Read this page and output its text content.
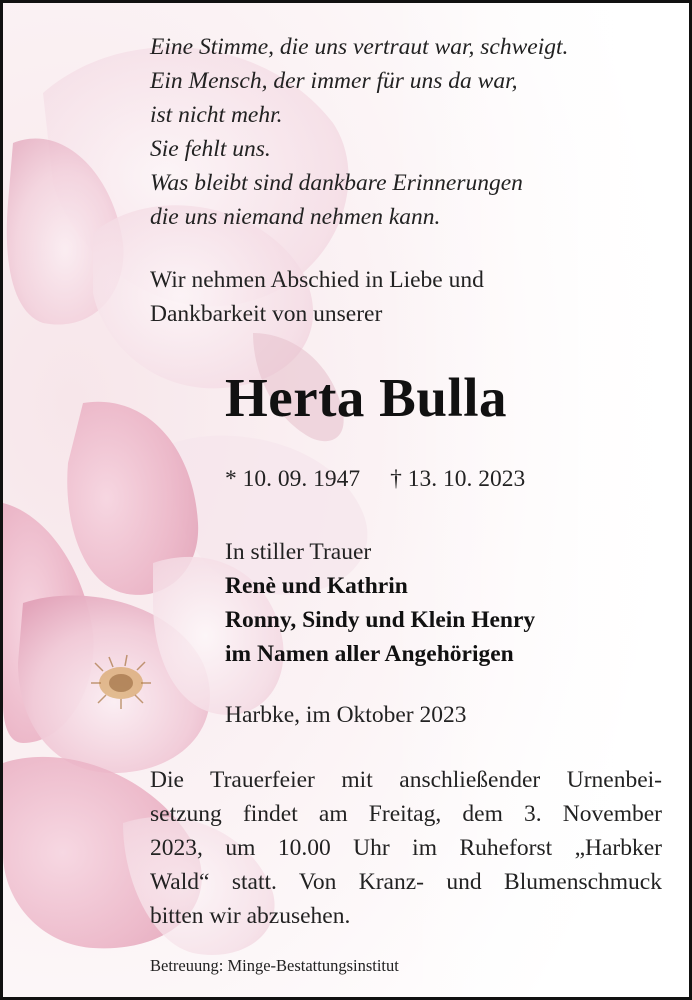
Eine Stimme, die uns vertraut war, schweigt.
Ein Mensch, der immer für uns da war,
ist nicht mehr.
Sie fehlt uns.
Was bleibt sind dankbare Erinnerungen
die uns niemand nehmen kann.
Wir nehmen Abschied in Liebe und
Dankbarkeit von unserer
Herta Bulla
* 10. 09. 1947 † 13. 10. 2023
In stiller Trauer
Renè und Kathrin
Ronny, Sindy und Klein Henry
im Namen aller Angehörigen
Harbke, im Oktober 2023
Die Trauerfeier mit anschließender Urnenbei-
setzung findet am Freitag, dem 3. November
2023, um 10.00 Uhr im Ruheforst „Harbker
Wald“ statt. Von Kranz- und Blumenschmuck
bitten wir abzusehen.
Betreuung: Minge-Bestattungsinstitut
